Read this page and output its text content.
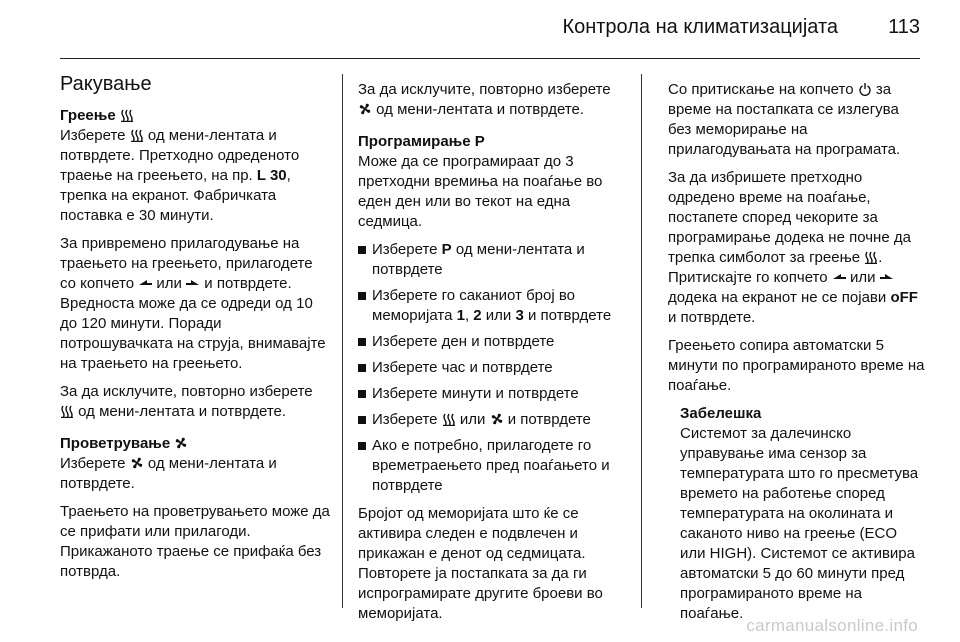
Контрола на климатизацијата	113
Ракување

Греење

Изберете од мени-лентата и потврдете. Претходно одреденото траење на греењето, на пр. L 30, трепка на екранот. Фабричката поставка е 30 минути.

За привремено прилагодување на траењето на греењето, прилагодете со копчето или и потврдете. Вредноста може да се одреди од 10 до 120 минути. Поради потрошувачката на струја, внимавајте на траењето на греењето.

За да исклучите, повторно изберете  од мени-лентата и потврдете.

Проветрување

Изберете од мени-лентата и потврдете.

Траењето на проветрувањето може да се прифати или прилагоди. Прикажаното траење се прифаќа без потврда.

За да исклучите, повторно изберете  од мени-лентата и потврдете.

Програмирање P

Може да се програмираат до 3 претходни времиња на поаѓање во еден ден или во текот на една седмица.

Изберете P од мени-лентата и потврдете
Изберете го саканиот број во меморијата 1, 2 или 3 и потврдете
Изберете ден и потврдете
Изберете час и потврдете
Изберете минути и потврдете
Изберете или и потврдете
Ако е потребно, прилагодете го времетраењето пред поаѓањето и потврдете

Бројот од меморијата што ќе се активира следен е подвлечен и прикажан е денот од седмицата. Повторете ја постапката за да ги испрограмирате другите броеви во меморијата.

Со притискање на копчето за време на постапката се излегува без меморирање на прилагодувањата на програмата.

За да избришете претходно одредено време на поаѓање, постапете според чекорите за програмирање додека не почне да трепка симболот за греење . Притискајте го копчето или  додека на екранот не се појави oFF и потврдете.

Греењето сопира автоматски 5 минути по програмираното време на поаѓање.

Забелешка

Системот за далечинско управување има сензор за температурата што го пресметува времето на работење според температурата на околината и саканото ниво на греење (ECO или HIGH). Системот се активира автоматски 5 до 60 минути пред програмираното време на поаѓање.

carmanualsonline.info
